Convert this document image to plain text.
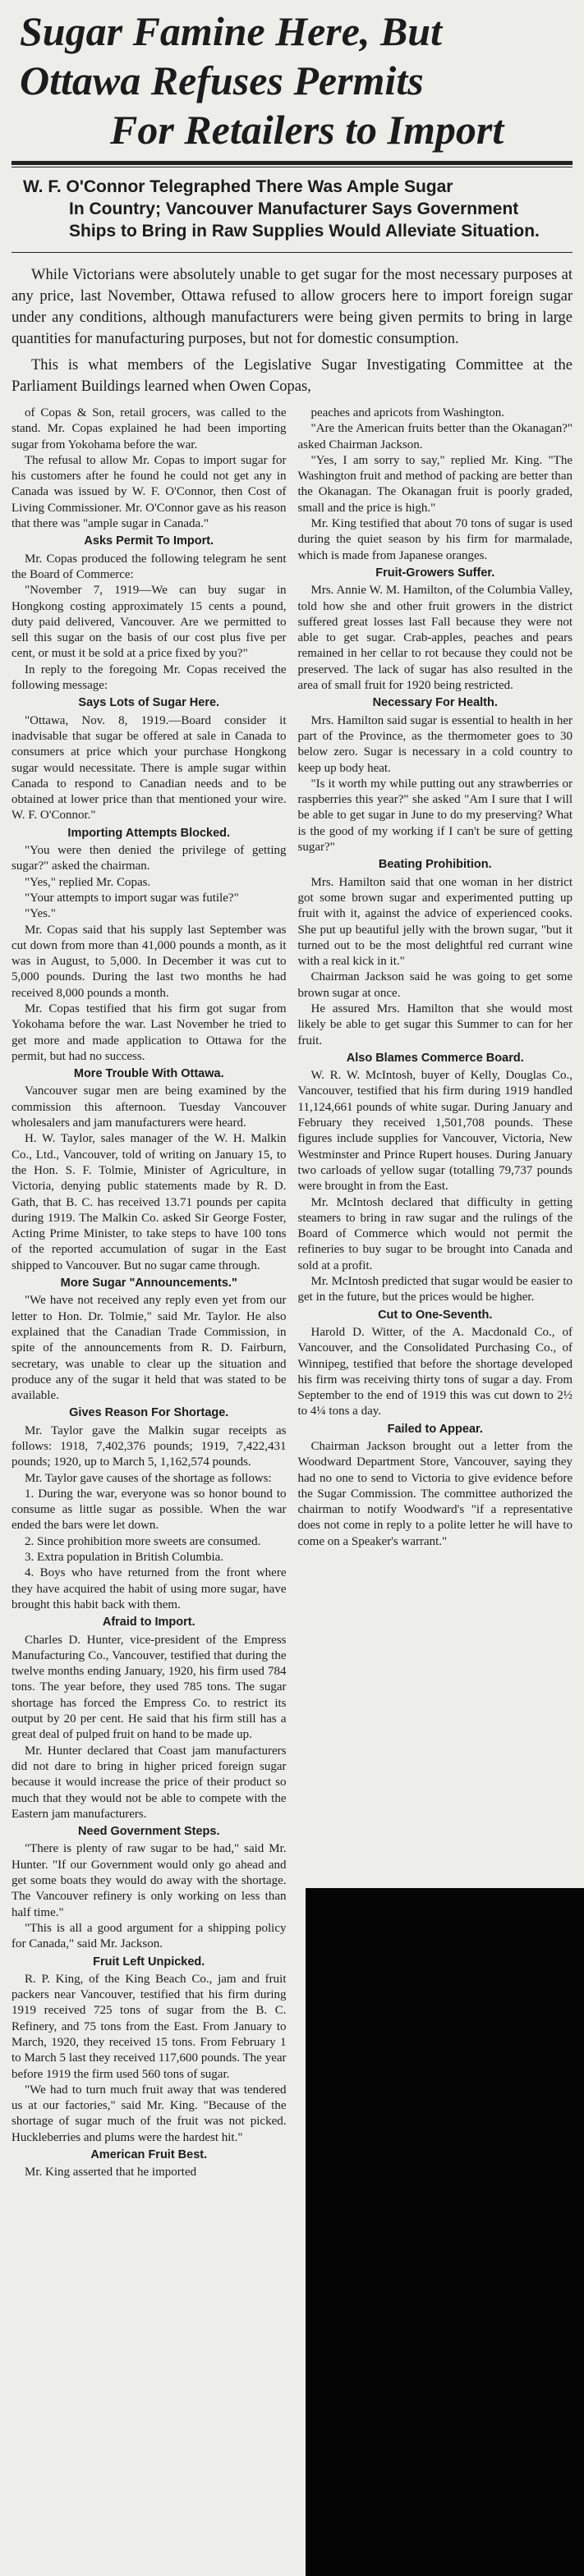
Sugar Famine Here, But
Ottawa Refuses Permits
For Retailers to Import

W. F. O'Connor Telegraphed There Was Ample Sugar
In Country; Vancouver Manufacturer Says Government Ships to Bring in Raw Supplies Would Alleviate Situation.

While Victorians were absolutely unable to get sugar for the most necessary purposes at any price, last November, Ottawa refused to allow grocers here to import foreign sugar under any conditions, although manufacturers were being given permits to bring in large quantities for manufacturing purposes, but not for domestic consumption.

This is what members of the Legislative Sugar Investigating Committee at the Parliament Buildings learned when Owen Copas,

of Copas & Son, retail grocers, was called to the stand. Mr. Copas explained he had been importing sugar from Yokohama before the war.

The refusal to allow Mr. Copas to import sugar for his customers after he found he could not get any in Canada was issued by W. F. O'Connor, then Cost of Living Commissioner. Mr. O'Connor gave as his reason that there was "ample sugar in Canada."

Asks Permit To Import.

Mr. Copas produced the following telegram he sent the Board of Commerce:

"November 7, 1919—We can buy sugar in Hongkong costing approximately 15 cents a pound, duty paid delivered, Vancouver. Are we permitted to sell this sugar on the basis of our cost plus five per cent, or must it be sold at a price fixed by you?"

In reply to the foregoing Mr. Copas received the following message:

Says Lots of Sugar Here.

"Ottawa, Nov. 8, 1919.—Board consider it inadvisable that sugar be offered at sale in Canada to consumers at price which your purchase Hongkong sugar would necessitate. There is ample sugar within Canada to respond to Canadian needs and to be obtained at lower price than that mentioned your wire. W. F. O'Connor."

Importing Attempts Blocked.

"You were then denied the privilege of getting sugar?" asked the chairman.

"Yes," replied Mr. Copas.

"Your attempts to import sugar was futile?"

"Yes."

Mr. Copas said that his supply last September was cut down from more than 41,000 pounds a month, as it was in August, to 5,000. In December it was cut to 5,000 pounds. During the last two months he had received 8,000 pounds a month.

Mr. Copas testified that his firm got sugar from Yokohama before the war. Last November he tried to get more and made application to Ottawa for the permit, but had no success.

More Trouble With Ottawa.

Vancouver sugar men are being examined by the commission this afternoon. Tuesday Vancouver wholesalers and jam manufacturers were heard.

H. W. Taylor, sales manager of the W. H. Malkin Co., Ltd., Vancouver, told of writing on January 15, to the Hon. S. F. Tolmie, Minister of Agriculture, in Victoria, denying public statements made by R. D. Gath, that B. C. has received 13.71 pounds per capita during 1919. The Malkin Co. asked Sir George Foster, Acting Prime Minister, to take steps to have 100 tons of the reported accumulation of sugar in the East shipped to Vancouver. But no sugar came through.

More Sugar "Announcements."

"We have not received any reply even yet from our letter to Hon. Dr. Tolmie," said Mr. Taylor. He also explained that the Canadian Trade Commission, in spite of the announcements from R. D. Fairburn, secretary, was unable to clear up the situation and produce any of the sugar it held that was stated to be available.

Gives Reason For Shortage.

Mr. Taylor gave the Malkin sugar receipts as follows: 1918, 7,402,376 pounds; 1919, 7,422,431 pounds; 1920, up to March 5, 1,162,574 pounds.

Mr. Taylor gave causes of the shortage as follows:

1. During the war, everyone was so honor bound to consume as little sugar as possible. When the war ended the bars were let down.

2. Since prohibition more sweets are consumed.

3. Extra population in British Columbia.

4. Boys who have returned from the front where they have acquired the habit of using more sugar, have brought this habit back with them.

Afraid to Import.

Charles D. Hunter, vice-president of the Empress Manufacturing Co., Vancouver, testified that during the twelve months ending January, 1920, his firm used 784 tons. The year before, they used 785 tons. The sugar shortage has forced the Empress Co. to restrict its output by 20 per cent. He said that his firm still has a great deal of pulped fruit on hand to be made up.

Mr. Hunter declared that Coast jam manufacturers did not dare to bring in higher priced foreign sugar because it would increase the price of their product so much that they would not be able to compete with the Eastern jam manufacturers.

Need Government Steps.

"There is plenty of raw sugar to be had," said Mr. Hunter. "If our Government would only go ahead and get some boats they would do away with the shortage. The Vancouver refinery is only working on less than half time."

"This is all a good argument for a shipping policy for Canada," said Mr. Jackson.

Fruit Left Unpicked.

R. P. King, of the King Beach Co., jam and fruit packers near Vancouver, testified that his firm during 1919 received 725 tons of sugar from the B. C. Refinery, and 75 tons from the East. From January to March, 1920, they received 15 tons. From February 1 to March 5 last they received 117,600 pounds. The year before 1919 the firm used 560 tons of sugar.

"We had to turn much fruit away that was tendered us at our factories," said Mr. King. "Because of the shortage of sugar much of the fruit was not picked. Huckleberries and plums were the hardest hit."

American Fruit Best.

Mr. King asserted that he imported

peaches and apricots from Washington.

"Are the American fruits better than the Okanagan?" asked Chairman Jackson.

"Yes, I am sorry to say," replied Mr. King. "The Washington fruit and method of packing are better than the Okanagan. The Okanagan fruit is poorly graded, small and the price is high."

Mr. King testified that about 70 tons of sugar is used during the quiet season by his firm for marmalade, which is made from Japanese oranges.

Fruit-Growers Suffer.

Mrs. Annie W. M. Hamilton, of the Columbia Valley, told how she and other fruit growers in the district suffered great losses last Fall because they were not able to get sugar. Crab-apples, peaches and pears remained in her cellar to rot because they could not be preserved. The lack of sugar has also resulted in the area of small fruit for 1920 being restricted.

Necessary For Health.

Mrs. Hamilton said sugar is essential to health in her part of the Province, as the thermometer goes to 30 below zero. Sugar is necessary in a cold country to keep up body heat.

"Is it worth my while putting out any strawberries or raspberries this year?" she asked "Am I sure that I will be able to get sugar in June to do my preserving? What is the good of my working if I can't be sure of getting sugar?"

Beating Prohibition.

Mrs. Hamilton said that one woman in her district got some brown sugar and experimented putting up fruit with it, against the advice of experienced cooks. She put up beautiful jelly with the brown sugar, "but it turned out to be the most delightful red currant wine with a real kick in it."

Chairman Jackson said he was going to get some brown sugar at once.

He assured Mrs. Hamilton that she would most likely be able to get sugar this Summer to can for her fruit.

Also Blames Commerce Board.

W. R. W. McIntosh, buyer of Kelly, Douglas Co., Vancouver, testified that his firm during 1919 handled 11,124,661 pounds of white sugar. During January and February they received 1,501,708 pounds. These figures include supplies for Vancouver, Victoria, New Westminster and Prince Rupert houses. During January two carloads of yellow sugar (totalling 79,737 pounds were brought in from the East.

Mr. McIntosh declared that difficulty in getting steamers to bring in raw sugar and the rulings of the Board of Commerce which would not permit the refineries to buy sugar to be brought into Canada and sold at a profit.

Mr. McIntosh predicted that sugar would be easier to get in the future, but the prices would be higher.

Cut to One-Seventh.

Harold D. Witter, of the A. Macdonald Co., of Vancouver, and the Consolidated Purchasing Co., of Winnipeg, testified that before the shortage developed his firm was receiving thirty tons of sugar a day. From September to the end of 1919 this was cut down to 2½ to 4¼ tons a day.

Failed to Appear.

Chairman Jackson brought out a letter from the Woodward Department Store, Vancouver, saying they had no one to send to Victoria to give evidence before the Sugar Commission. The committee authorized the chairman to notify Woodward's "if a representative does not come in reply to a polite letter he will have to come on a Speaker's warrant."
